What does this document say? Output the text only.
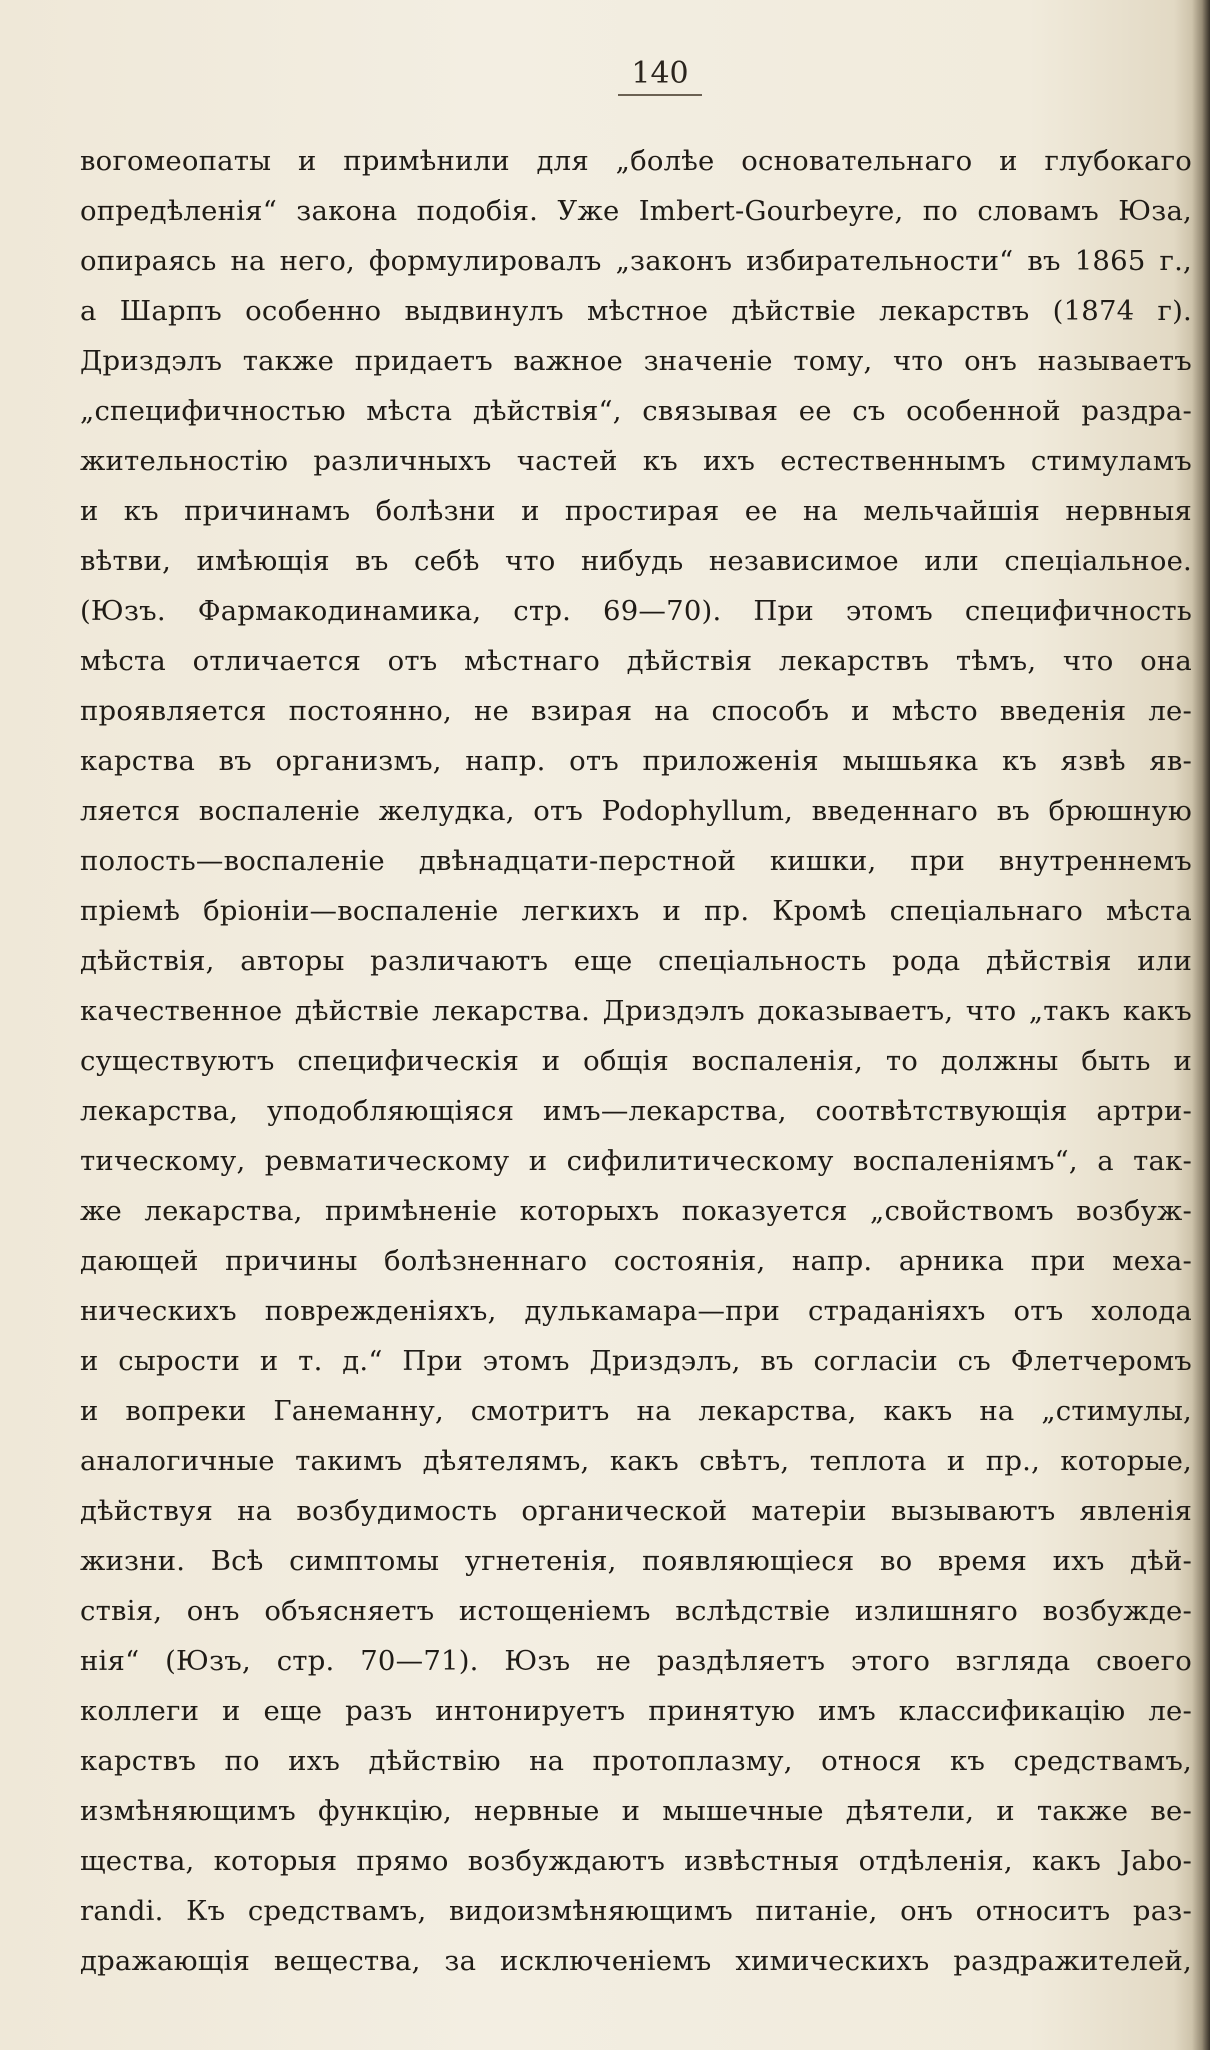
140
вогомеопаты и примѣнили для „болѣе основательнаго и глубокаго
опредѣленія“ закона подобія. Уже Imbert-Gourbeyre, по словамъ Юза,
опираясь на него, формулировалъ „законъ избирательности“ въ 1865 г.,
а Шарпъ особенно выдвинулъ мѣстное дѣйствіе лекарствъ (1874 г).
Дриздэлъ также придаетъ важное значеніе тому, что онъ называетъ
„специфичностью мѣста дѣйствія“, связывая ее съ особенной раздра-
жительностію различныхъ частей къ ихъ естественнымъ стимуламъ
и къ причинамъ болѣзни и простирая ее на мельчайшія нервныя
вѣтви, имѣющія въ себѣ что нибудь независимое или спеціальное.
(Юзъ. Фармакодинамика, стр. 69—70). При этомъ специфичность
мѣста отличается отъ мѣстнаго дѣйствія лекарствъ тѣмъ, что она
проявляется постоянно, не взирая на способъ и мѣсто введенія ле-
карства въ организмъ, напр. отъ приложенія мышьяка къ язвѣ яв-
ляется воспаленіе желудка, отъ Podophyllum, введеннаго въ брюшную
полость—воспаленіе двѣнадцати-перстной кишки, при внутреннемъ
пріемѣ бріоніи—воспаленіе легкихъ и пр. Кромѣ спеціальнаго мѣста
дѣйствія, авторы различаютъ еще спеціальность рода дѣйствія или
качественное дѣйствіе лекарства. Дриздэлъ доказываетъ, что „такъ какъ
существуютъ специфическія и общія воспаленія, то должны быть и
лекарства, уподобляющіяся имъ—лекарства, соотвѣтствующія артри-
тическому, ревматическому и сифилитическому воспаленіямъ“, а так-
же лекарства, примѣненіе которыхъ показуется „свойствомъ возбуж-
дающей причины болѣзненнаго состоянія, напр. арника при меха-
ническихъ поврежденіяхъ, дулькамара—при страданіяхъ отъ холода
и сырости и т. д.“ При этомъ Дриздэлъ, въ согласіи съ Флетчеромъ
и вопреки Ганеманну, смотритъ на лекарства, какъ на „стимулы,
аналогичные такимъ дѣятелямъ, какъ свѣтъ, теплота и пр., которые,
дѣйствуя на возбудимость органической матеріи вызываютъ явленія
жизни. Всѣ симптомы угнетенія, появляющіеся во время ихъ дѣй-
ствія, онъ объясняетъ истощеніемъ вслѣдствіе излишняго возбужде-
нія“ (Юзъ, стр. 70—71). Юзъ не раздѣляетъ этого взгляда своего
коллеги и еще разъ интонируетъ принятую имъ классификацію ле-
карствъ по ихъ дѣйствію на протоплазму, относя къ средствамъ,
измѣняющимъ функцію, нервные и мышечные дѣятели, и также ве-
щества, которыя прямо возбуждаютъ извѣстныя отдѣленія, какъ Jabo-
randi. Къ средствамъ, видоизмѣняющимъ питаніе, онъ относитъ раз-
дражающія вещества, за исключеніемъ химическихъ раздражителей,
